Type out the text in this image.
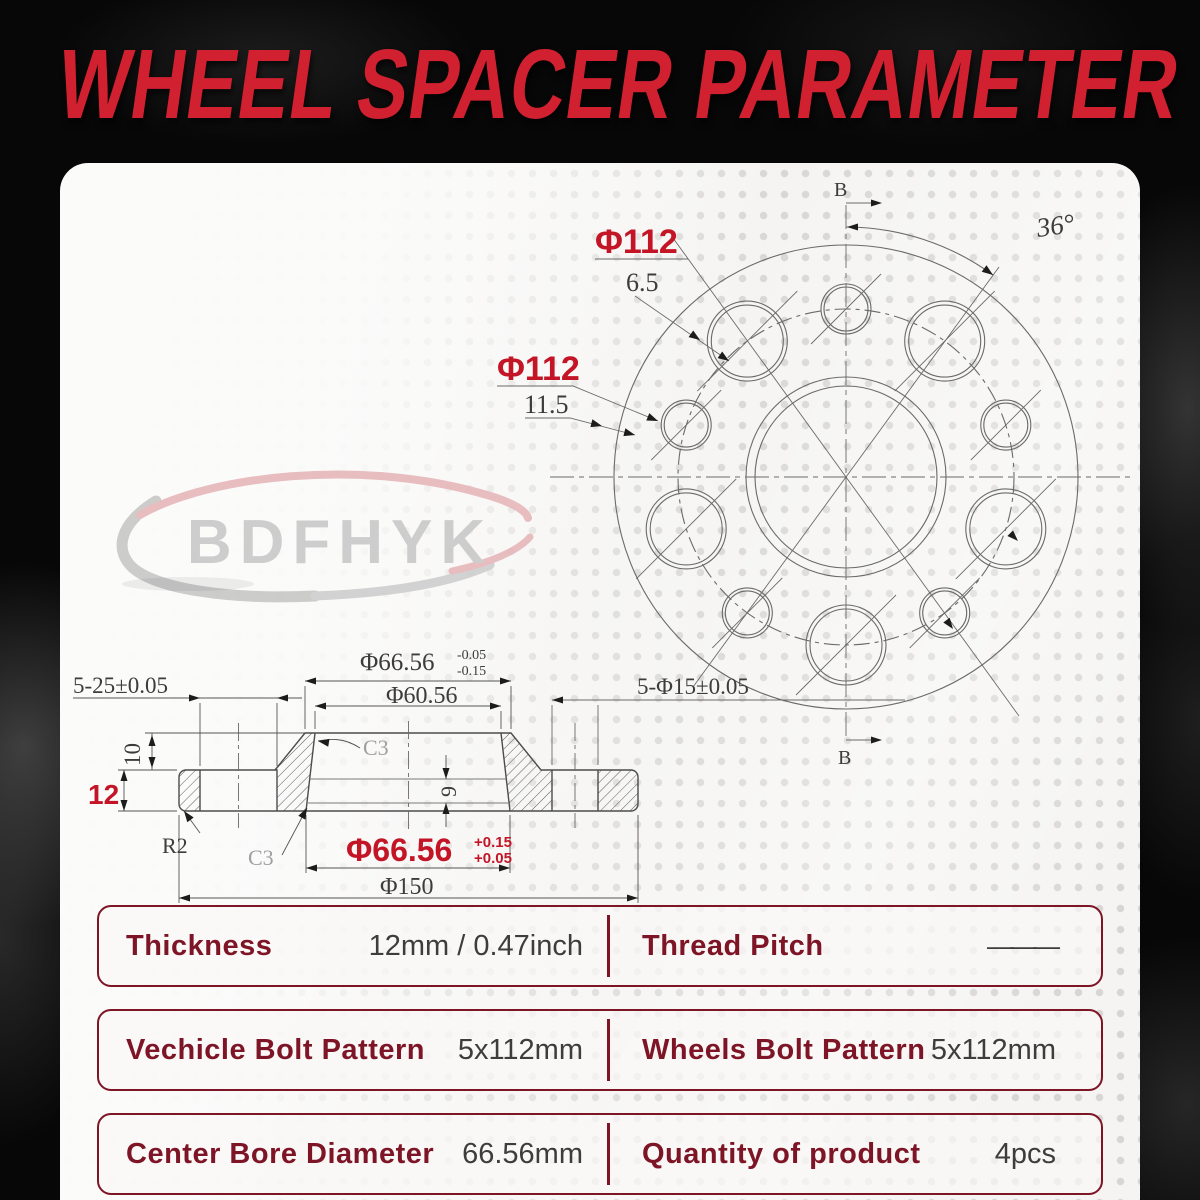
WHEEL SPACER PARAMETER
BDFHYK
Φ112
6.5
Φ112
11.5
36°
B
B
5-Φ15±0.05
5-25±0.05
Φ66.56 -0.05
-0.15
Φ60.56
12
10
R2
C3
C3
9
Φ66.56 +0.15
+0.05
Φ150
Thickness	12mm / 0.47inch Thread Pitch	———
Vechicle Bolt Pattern 5x112mm Wheels Bolt Pattern 5x112mm
Center Bore Diameter 66.56mm Quantity of product	4pcs
